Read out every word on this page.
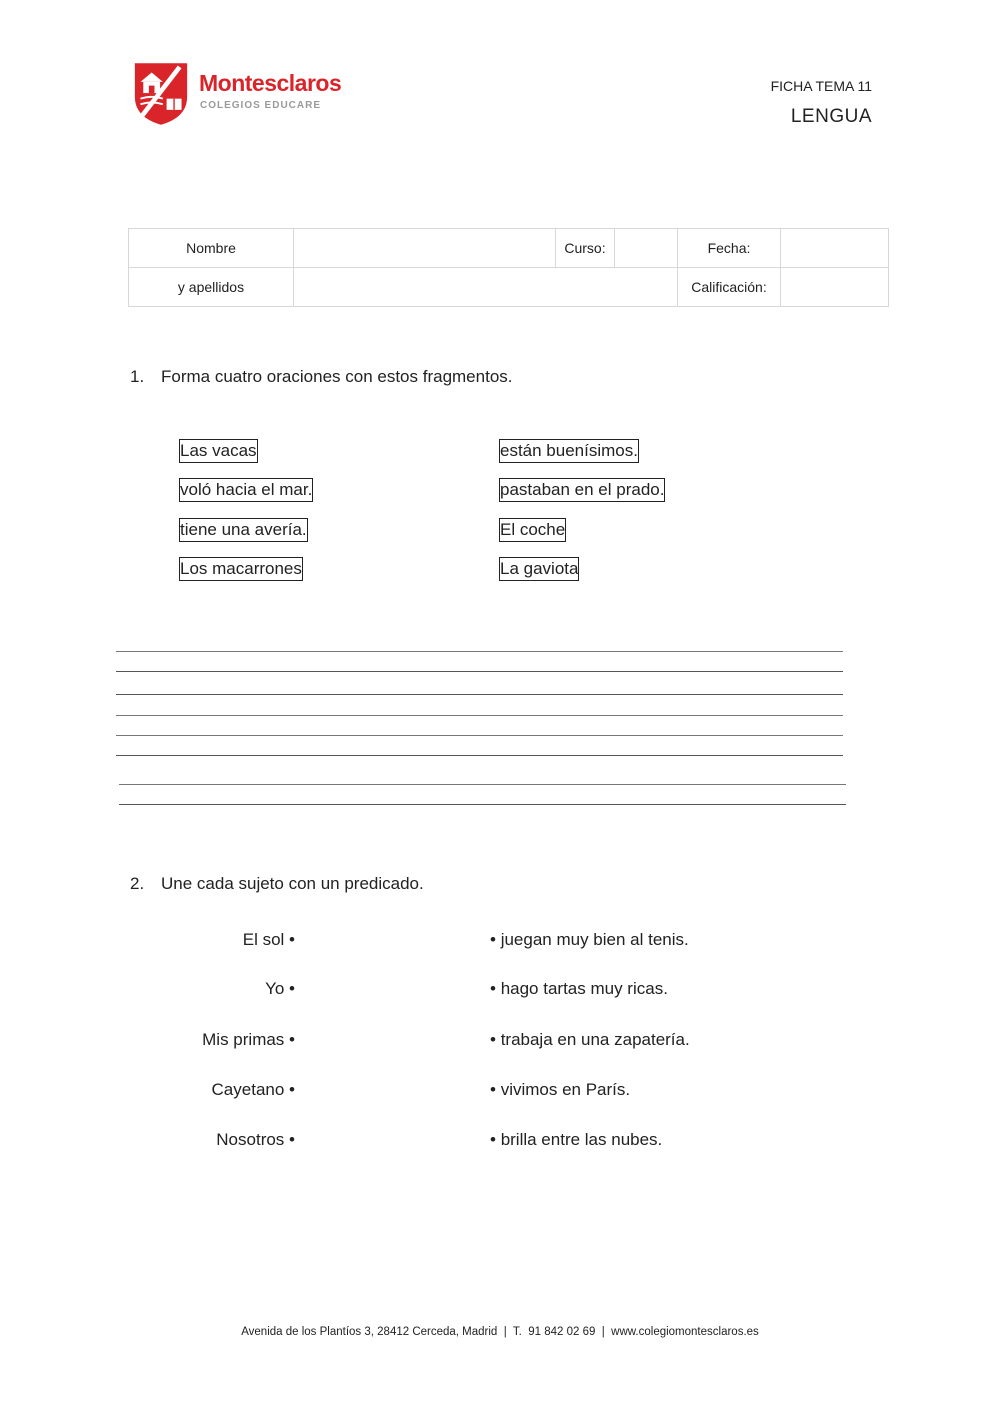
Montesclaros
COLEGIOS EDUCARE
FICHA TEMA 11
LENGUA
Nombre		Curso:		Fecha:	
y apellidos				Calificación:	
1. Forma cuatro oraciones con estos fragmentos.
Las vacas
voló hacia el mar.
tiene una avería.
Los macarrones
están buenísimos.
pastaban en el prado.
El coche
La gaviota
2. Une cada sujeto con un predicado.
El sol •
Yo •
Mis primas •
Cayetano •
Nosotros •
• juegan muy bien al tenis.
• hago tartas muy ricas.
• trabaja en una zapatería.
• vivimos en París.
• brilla entre las nubes.
Avenida de los Plantíos 3, 28412 Cerceda, Madrid  |  T.  91 842 02 69  |  www.colegiomontesclaros.es
